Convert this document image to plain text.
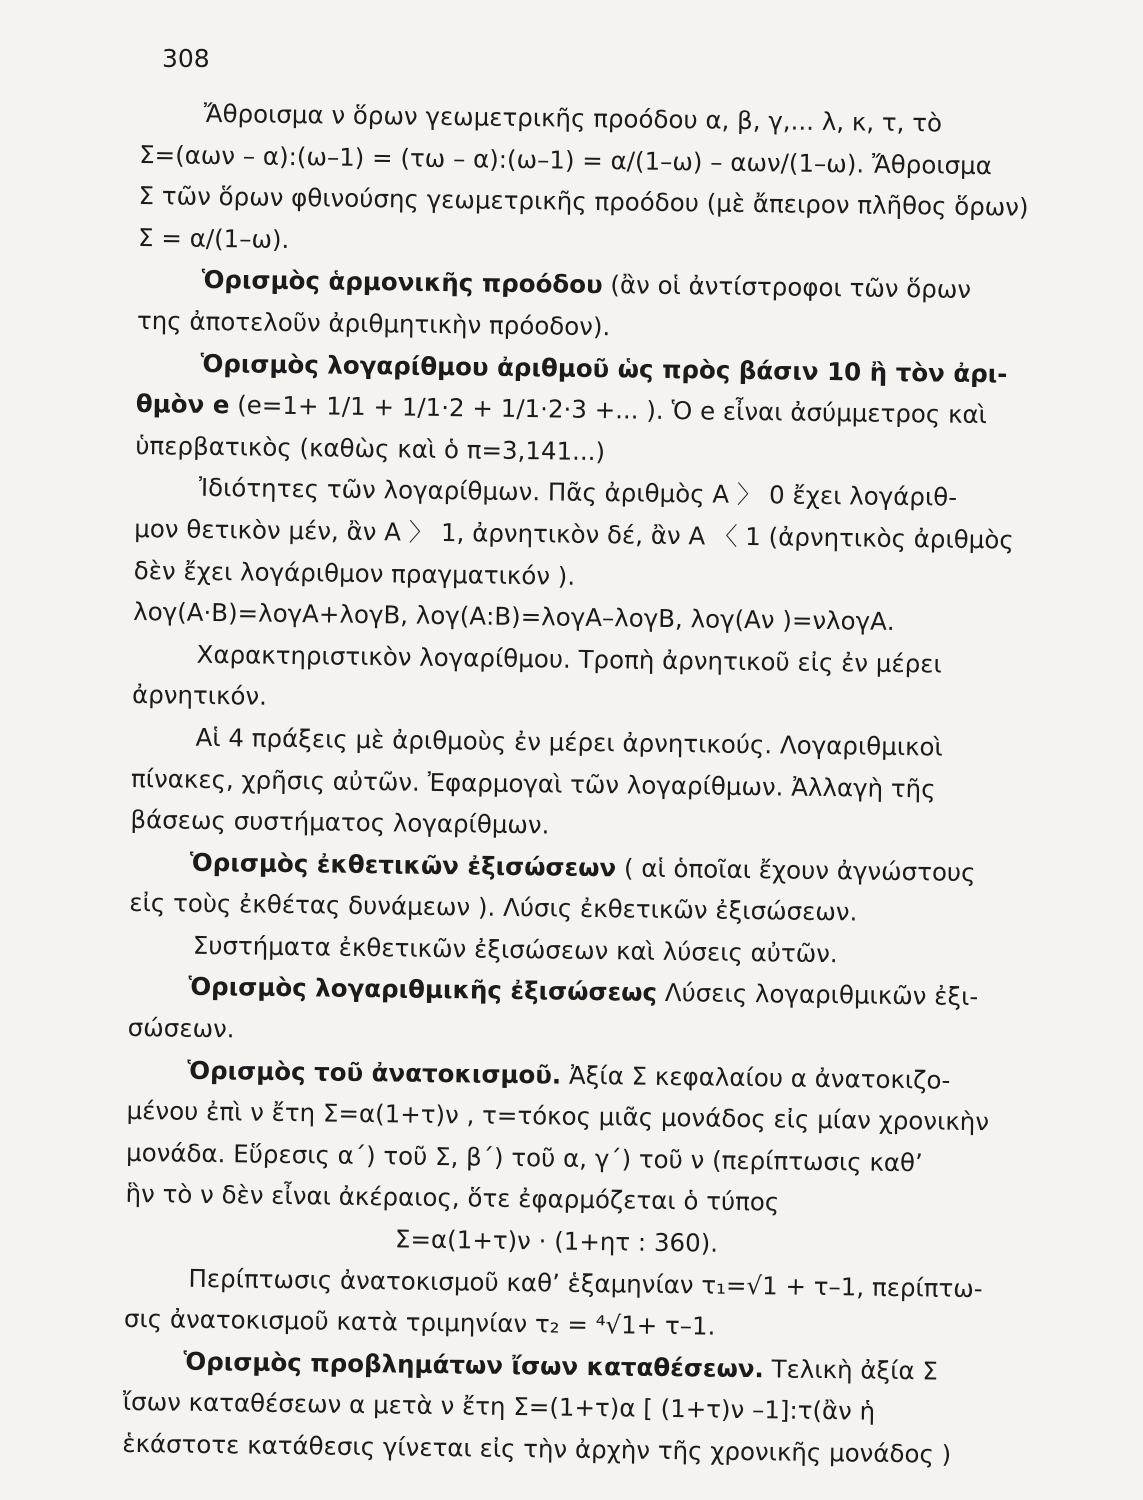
308
Ἄθροισμα ν ὅρων γεωμετρικῆς προόδου α, β, γ,... λ, κ, τ, τὸ
Σ=(αων – α):(ω–1) = (τω – α):(ω–1) = α/(1–ω) – αων/(1–ω). Ἄθροισμα
Σ τῶν ὅρων φθινούσης γεωμετρικῆς προόδου (μὲ ἄπειρον πλῆθος ὅρων)
Σ = α/(1–ω).
Ὁρισμὸς ἁρμονικῆς προόδου (ἂν οἱ ἀντίστροφοι τῶν ὅρων
της ἀποτελοῦν ἀριθμητικὴν πρόοδον).
Ὁρισμὸς λογαρίθμου ἀριθμοῦ ὡς πρὸς βάσιν 10 ἢ τὸν ἀρι-
θμὸν e (e=1+ 1/1 + 1/1·2 + 1/1·2·3 +... ). Ὁ e εἶναι ἀσύμμετρος καὶ
ὑπερβατικὸς (καθὼς καὶ ὁ π=3,141...)
Ἰδιότητες τῶν λογαρίθμων. Πᾶς ἀριθμὸς Α 〉 0 ἔχει λογάριθ-
μον θετικὸν μέν, ἂν Α 〉 1, ἀρνητικὸν δέ, ἂν Α 〈 1 (ἀρνητικὸς ἀριθμὸς
δὲν ἔχει λογάριθμον πραγματικόν ).
λογ(Α·Β)=λογΑ+λογΒ, λογ(Α:Β)=λογΑ–λογΒ, λογ(Αν )=νλογΑ.
Χαρακτηριστικὸν λογαρίθμου. Τροπὴ ἀρνητικοῦ εἰς ἐν μέρει
ἀρνητικόν.
Αἱ 4 πράξεις μὲ ἀριθμοὺς ἐν μέρει ἀρνητικούς. Λογαριθμικοὶ
πίνακες, χρῆσις αὐτῶν. Ἐφαρμογαὶ τῶν λογαρίθμων. Ἀλλαγὴ τῆς
βάσεως συστήματος λογαρίθμων.
Ὁρισμὸς ἐκθετικῶν ἐξισώσεων ( αἱ ὁποῖαι ἔχουν ἀγνώστους
εἰς τοὺς ἐκθέτας δυνάμεων ). Λύσις ἐκθετικῶν ἐξισώσεων.
Συστήματα ἐκθετικῶν ἐξισώσεων καὶ λύσεις αὐτῶν.
Ὁρισμὸς λογαριθμικῆς ἐξισώσεως Λύσεις λογαριθμικῶν ἐξι-
σώσεων.
Ὁρισμὸς τοῦ ἀνατοκισμοῦ. Ἀξία Σ κεφαλαίου α ἀνατοκιζο-
μένου ἐπὶ ν ἔτη Σ=α(1+τ)ν , τ=τόκος μιᾶς μονάδος εἰς μίαν χρονικὴν
μονάδα. Εὕρεσις α΄) τοῦ Σ, β΄) τοῦ α, γ΄) τοῦ ν (περίπτωσις καθ’
ἣν τὸ ν δὲν εἶναι ἀκέραιος, ὅτε ἐφαρμόζεται ὁ τύπος
Σ=α(1+τ)ν · (1+ητ : 360).
Περίπτωσις ἀνατοκισμοῦ καθ’ ἑξαμηνίαν τ₁=√1 + τ–1, περίπτω-
σις ἀνατοκισμοῦ κατὰ τριμηνίαν τ₂ = ⁴√1+ τ–1.
Ὁρισμὸς προβλημάτων ἴσων καταθέσεων. Τελικὴ ἀξία Σ
ἴσων καταθέσεων α μετὰ ν ἔτη Σ=(1+τ)α [ (1+τ)ν –1]:τ(ἂν ἡ
ἑκάστοτε κατάθεσις γίνεται εἰς τὴν ἀρχὴν τῆς χρονικῆς μονάδος )
